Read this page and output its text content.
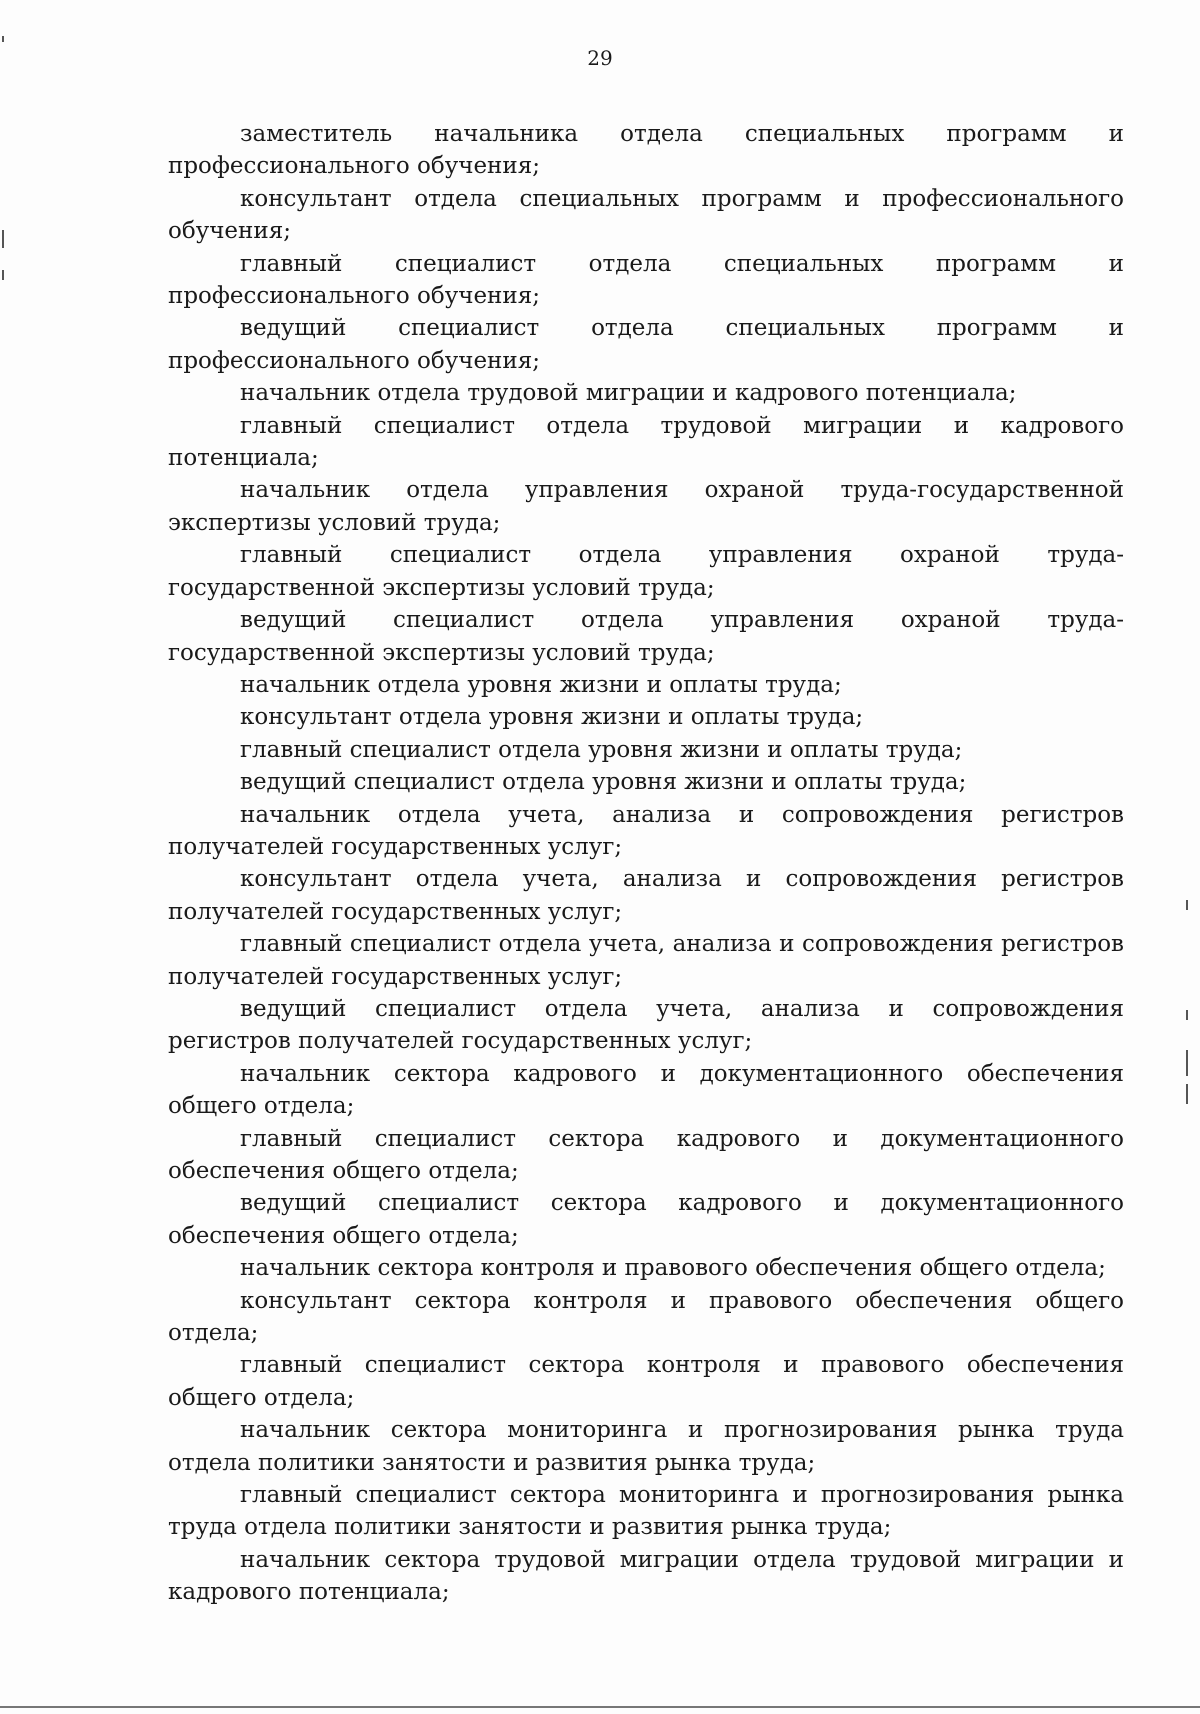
29

заместитель начальника отдела специальных программ и профессионального обучения;

консультант отдела специальных программ и профессионального обучения;

главный специалист отдела специальных программ и профессионального обучения;

ведущий специалист отдела специальных программ и профессионального обучения;

начальник отдела трудовой миграции и кадрового потенциала;

главный специалист отдела трудовой миграции и кадрового потенциала;

начальник отдела управления охраной труда-государственной экспертизы условий труда;

главный специалист отдела управления охраной труда-государственной экспертизы условий труда;

ведущий специалист отдела управления охраной труда-государственной экспертизы условий труда;

начальник отдела уровня жизни и оплаты труда;

консультант отдела уровня жизни и оплаты труда;

главный специалист отдела уровня жизни и оплаты труда;

ведущий специалист отдела уровня жизни и оплаты труда;

начальник отдела учета, анализа и сопровождения регистров получателей государственных услуг;

консультант отдела учета, анализа и сопровождения регистров получателей государственных услуг;

главный специалист отдела учета, анализа и сопровождения регистров получателей государственных услуг;

ведущий специалист отдела учета, анализа и сопровождения регистров получателей государственных услуг;

начальник сектора кадрового и документационного обеспечения общего отдела;

главный специалист сектора кадрового и документационного обеспечения общего отдела;

ведущий специалист сектора кадрового и документационного обеспечения общего отдела;

начальник сектора контроля и правового обеспечения общего отдела;

консультант сектора контроля и правового обеспечения общего отдела;

главный специалист сектора контроля и правового обеспечения общего отдела;

начальник сектора мониторинга и прогнозирования рынка труда отдела политики занятости и развития рынка труда;

главный специалист сектора мониторинга и прогнозирования рынка труда отдела политики занятости и развития рынка труда;

начальник сектора трудовой миграции отдела трудовой миграции и кадрового потенциала;
